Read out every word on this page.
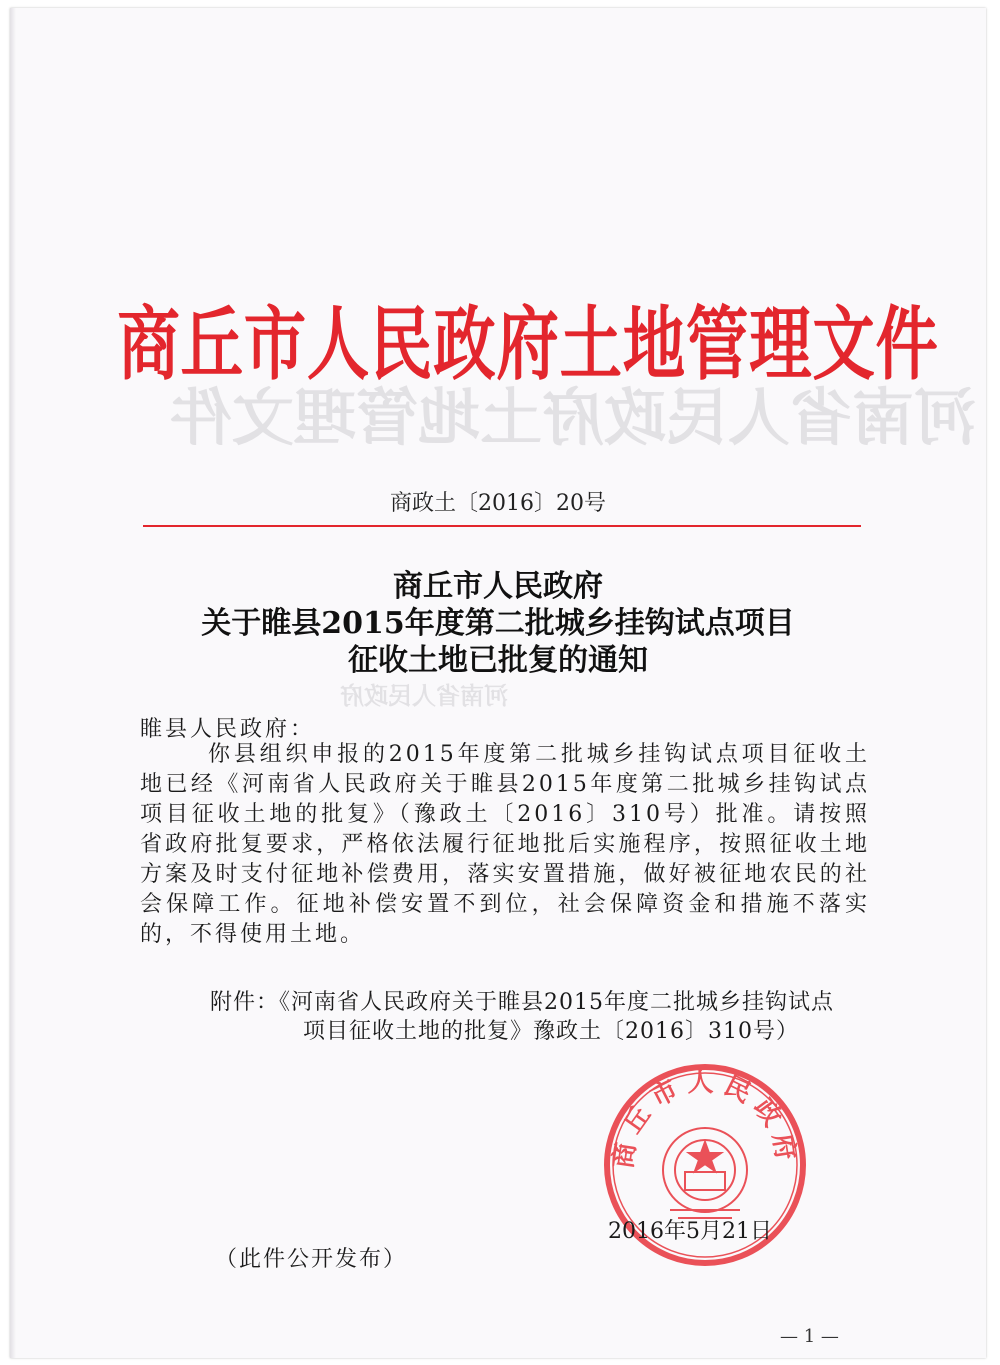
河南省人民政府土地管理文件
河南省人民政府
商丘市人民政府土地管理文件
商政土〔2016〕20号
商丘市人民政府
关于睢县2015年度第二批城乡挂钩试点项目
征收土地已批复的通知
睢县人民政府：
你县组织申报的2015年度第二批城乡挂钩试点项目征收土地已经《河南省人民政府关于睢县2015年度第二批城乡挂钩试点项目征收土地的批复》（豫政土〔2016〕310号）批准。请按照省政府批复要求，严格依法履行征地批后实施程序，按照征收土地方案及时支付征地补偿费用，落实安置措施，做好被征地农民的社会保障工作。征地补偿安置不到位，社会保障资金和措施不落实的，不得使用土地。
附件：《河南省人民政府关于睢县2015年度二批城乡挂钩试点
项目征收土地的批复》豫政土〔2016〕310号）
商丘市人民政府
2016年5月21日
（此件公开发布）
— 1 —
